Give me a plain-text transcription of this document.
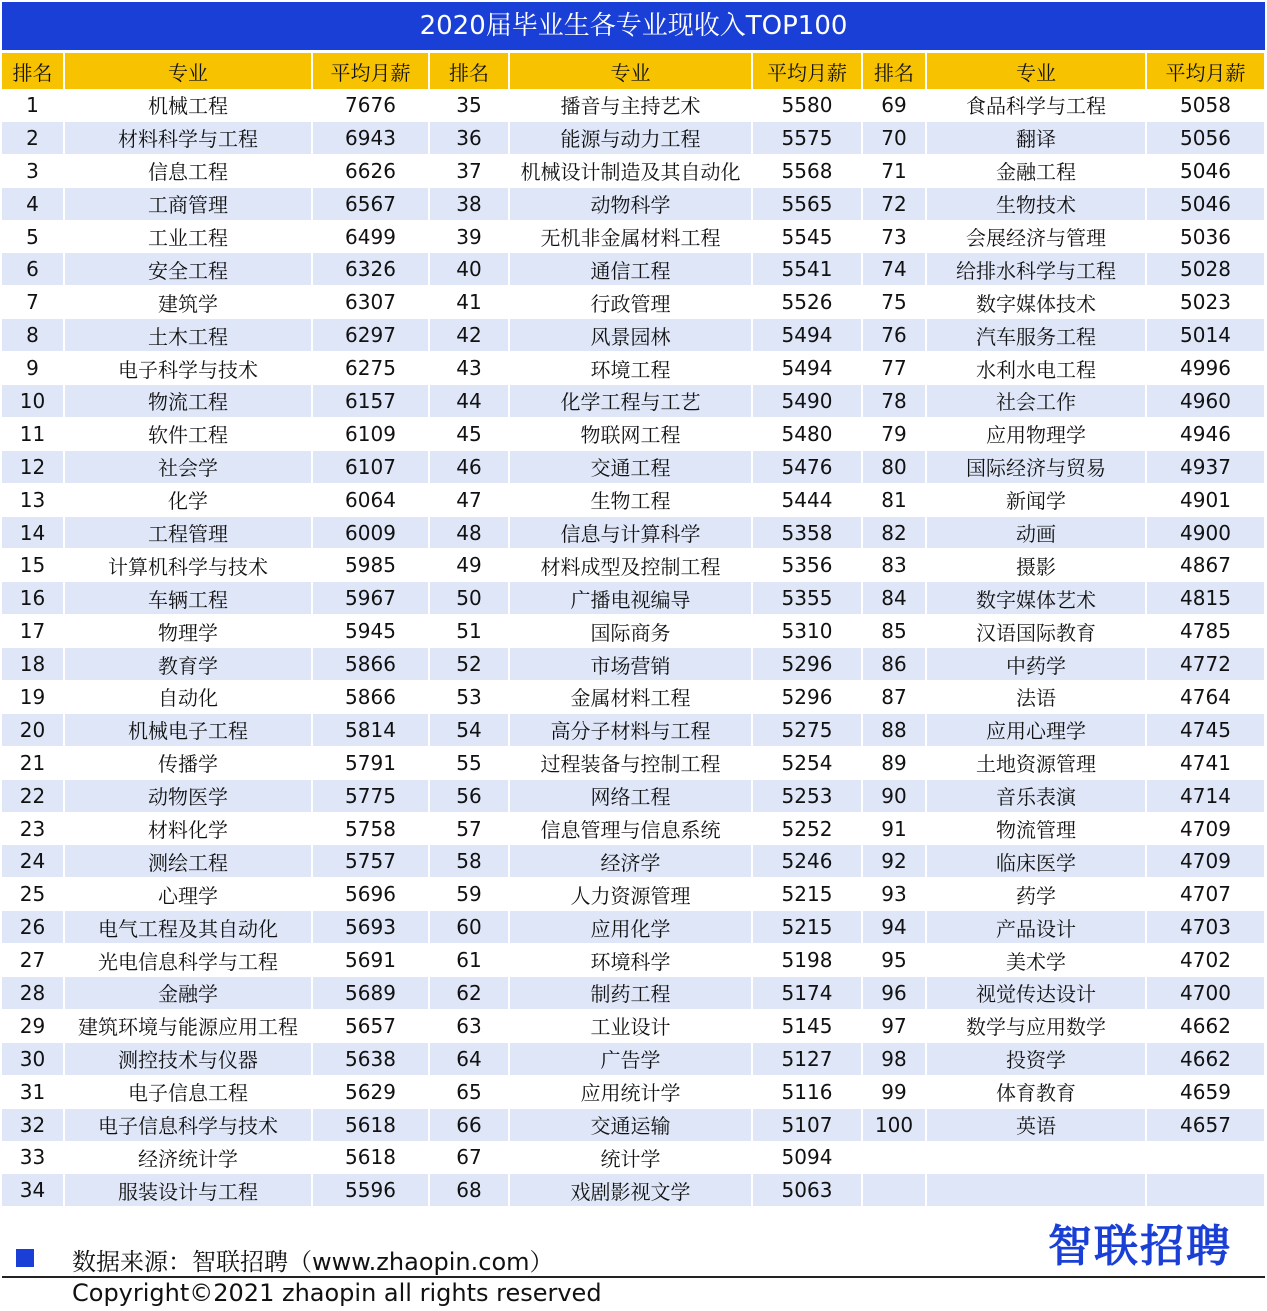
2020届毕业生各专业现收入TOP100
排名	专业	平均月薪	排名	专业	平均月薪	排名	专业	平均月薪
1	机械工程	7676	35	播音与主持艺术	5580	69	食品科学与工程	5058
2	材料科学与工程	6943	36	能源与动力工程	5575	70	翻译	5056
3	信息工程	6626	37	机械设计制造及其自动化	5568	71	金融工程	5046
4	工商管理	6567	38	动物科学	5565	72	生物技术	5046
5	工业工程	6499	39	无机非金属材料工程	5545	73	会展经济与管理	5036
6	安全工程	6326	40	通信工程	5541	74	给排水科学与工程	5028
7	建筑学	6307	41	行政管理	5526	75	数字媒体技术	5023
8	土木工程	6297	42	风景园林	5494	76	汽车服务工程	5014
9	电子科学与技术	6275	43	环境工程	5494	77	水利水电工程	4996
10	物流工程	6157	44	化学工程与工艺	5490	78	社会工作	4960
11	软件工程	6109	45	物联网工程	5480	79	应用物理学	4946
12	社会学	6107	46	交通工程	5476	80	国际经济与贸易	4937
13	化学	6064	47	生物工程	5444	81	新闻学	4901
14	工程管理	6009	48	信息与计算科学	5358	82	动画	4900
15	计算机科学与技术	5985	49	材料成型及控制工程	5356	83	摄影	4867
16	车辆工程	5967	50	广播电视编导	5355	84	数字媒体艺术	4815
17	物理学	5945	51	国际商务	5310	85	汉语国际教育	4785
18	教育学	5866	52	市场营销	5296	86	中药学	4772
19	自动化	5866	53	金属材料工程	5296	87	法语	4764
20	机械电子工程	5814	54	高分子材料与工程	5275	88	应用心理学	4745
21	传播学	5791	55	过程装备与控制工程	5254	89	土地资源管理	4741
22	动物医学	5775	56	网络工程	5253	90	音乐表演	4714
23	材料化学	5758	57	信息管理与信息系统	5252	91	物流管理	4709
24	测绘工程	5757	58	经济学	5246	92	临床医学	4709
25	心理学	5696	59	人力资源管理	5215	93	药学	4707
26	电气工程及其自动化	5693	60	应用化学	5215	94	产品设计	4703
27	光电信息科学与工程	5691	61	环境科学	5198	95	美术学	4702
28	金融学	5689	62	制药工程	5174	96	视觉传达设计	4700
29	建筑环境与能源应用工程	5657	63	工业设计	5145	97	数学与应用数学	4662
30	测控技术与仪器	5638	64	广告学	5127	98	投资学	4662
31	电子信息工程	5629	65	应用统计学	5116	99	体育教育	4659
32	电子信息科学与技术	5618	66	交通运输	5107	100	英语	4657
33	经济统计学	5618	67	统计学	5094			
34	服装设计与工程	5596	68	戏剧影视文学	5063			
数据来源：智联招聘（www.zhaopin.com）
Copyright©2021 zhaopin all rights reserved
智联招聘
